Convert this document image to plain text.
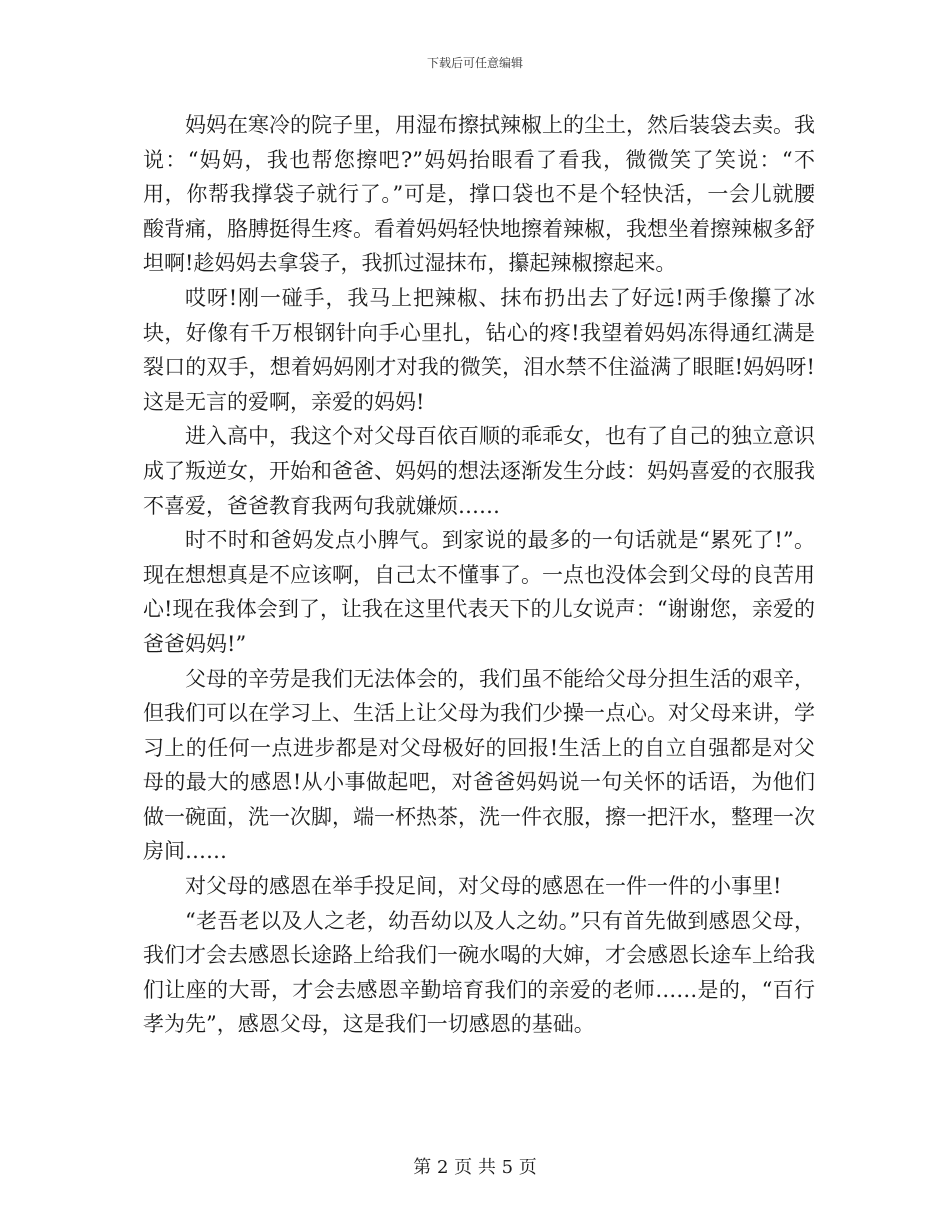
下载后可任意编辑

妈妈在寒冷的院子里，用湿布擦拭辣椒上的尘土，然后装袋去卖。我说：“妈妈，我也帮您擦吧?”妈妈抬眼看了看我，微微笑了笑说：“不用，你帮我撑袋子就行了。”可是，撑口袋也不是个轻快活，一会儿就腰酸背痛，胳膊挺得生疼。看着妈妈轻快地擦着辣椒，我想坐着擦辣椒多舒坦啊!趁妈妈去拿袋子，我抓过湿抹布，攥起辣椒擦起来。

哎呀!刚一碰手，我马上把辣椒、抹布扔出去了好远!两手像攥了冰块，好像有千万根钢针向手心里扎，钻心的疼!我望着妈妈冻得通红满是裂口的双手，想着妈妈刚才对我的微笑，泪水禁不住溢满了眼眶!妈妈呀!这是无言的爱啊，亲爱的妈妈!

进入高中，我这个对父母百依百顺的乖乖女，也有了自己的独立意识成了叛逆女，开始和爸爸、妈妈的想法逐渐发生分歧：妈妈喜爱的衣服我不喜爱，爸爸教育我两句我就嫌烦……

时不时和爸妈发点小脾气。到家说的最多的一句话就是“累死了!”。现在想想真是不应该啊，自己太不懂事了。一点也没体会到父母的良苦用心!现在我体会到了，让我在这里代表天下的儿女说声：“谢谢您，亲爱的爸爸妈妈!”

父母的辛劳是我们无法体会的，我们虽不能给父母分担生活的艰辛，但我们可以在学习上、生活上让父母为我们少操一点心。对父母来讲，学习上的任何一点进步都是对父母极好的回报!生活上的自立自强都是对父母的最大的感恩!从小事做起吧，对爸爸妈妈说一句关怀的话语，为他们做一碗面，洗一次脚，端一杯热茶，洗一件衣服，擦一把汗水，整理一次房间……

对父母的感恩在举手投足间，对父母的感恩在一件一件的小事里!

“老吾老以及人之老，幼吾幼以及人之幼。”只有首先做到感恩父母，我们才会去感恩长途路上给我们一碗水喝的大婶，才会感恩长途车上给我们让座的大哥，才会去感恩辛勤培育我们的亲爱的老师……是的，“百行孝为先”，感恩父母，这是我们一切感恩的基础。

第 2 页 共 5 页
